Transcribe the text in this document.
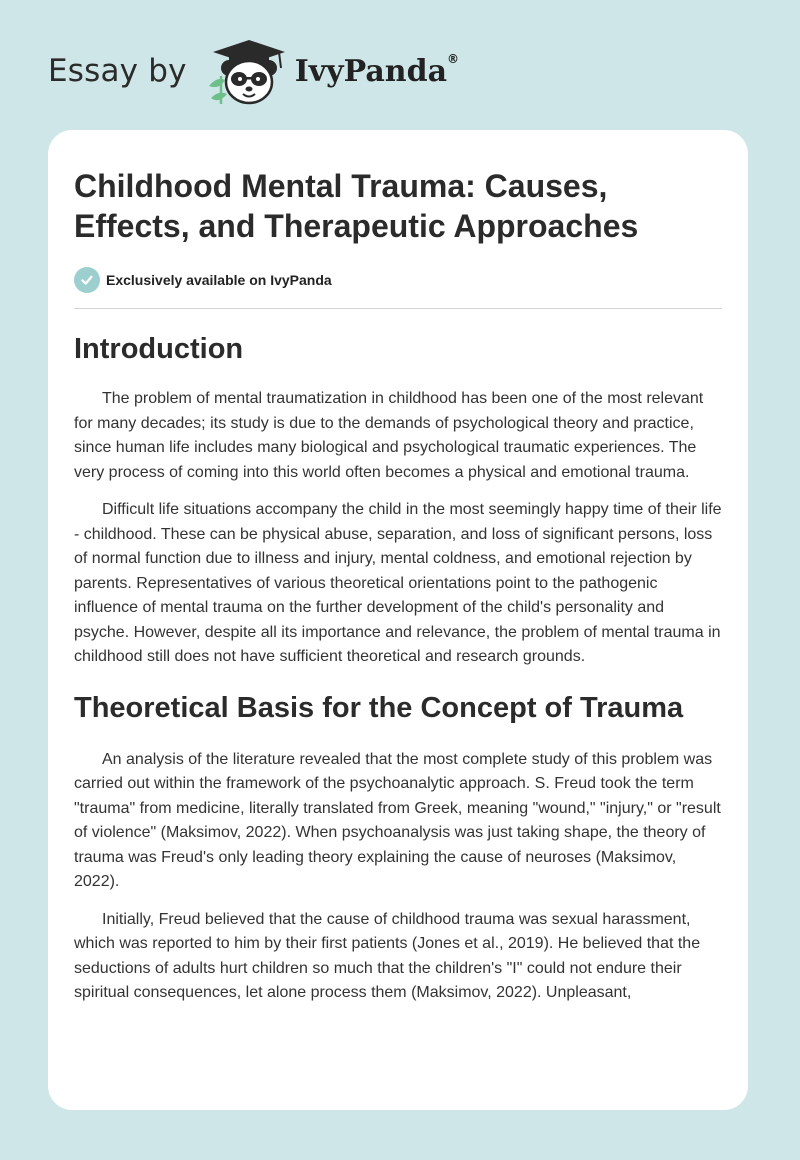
Essay by	IvyPanda®
Childhood Mental Trauma: Causes, Effects, and Therapeutic Approaches
Exclusively available on IvyPanda
Introduction

The problem of mental traumatization in childhood has been one of the most relevant for many decades; its study is due to the demands of psychological theory and practice, since human life includes many biological and psychological traumatic experiences. The very process of coming into this world often becomes a physical and emotional trauma.

Difficult life situations accompany the child in the most seemingly happy time of their life - childhood. These can be physical abuse, separation, and loss of significant persons, loss of normal function due to illness and injury, mental coldness, and emotional rejection by parents. Representatives of various theoretical orientations point to the pathogenic influence of mental trauma on the further development of the child's personality and psyche. However, despite all its importance and relevance, the problem of mental trauma in childhood still does not have sufficient theoretical and research grounds.

Theoretical Basis for the Concept of Trauma

An analysis of the literature revealed that the most complete study of this problem was carried out within the framework of the psychoanalytic approach. S. Freud took the term "trauma" from medicine, literally translated from Greek, meaning "wound," "injury," or "result of violence" (Maksimov, 2022). When psychoanalysis was just taking shape, the theory of trauma was Freud's only leading theory explaining the cause of neuroses (Maksimov, 2022).

Initially, Freud believed that the cause of childhood trauma was sexual harassment, which was reported to him by their first patients (Jones et al., 2019). He believed that the seductions of adults hurt children so much that the children's "I" could not endure their spiritual consequences, let alone process them (Maksimov, 2022). Unpleasant,
